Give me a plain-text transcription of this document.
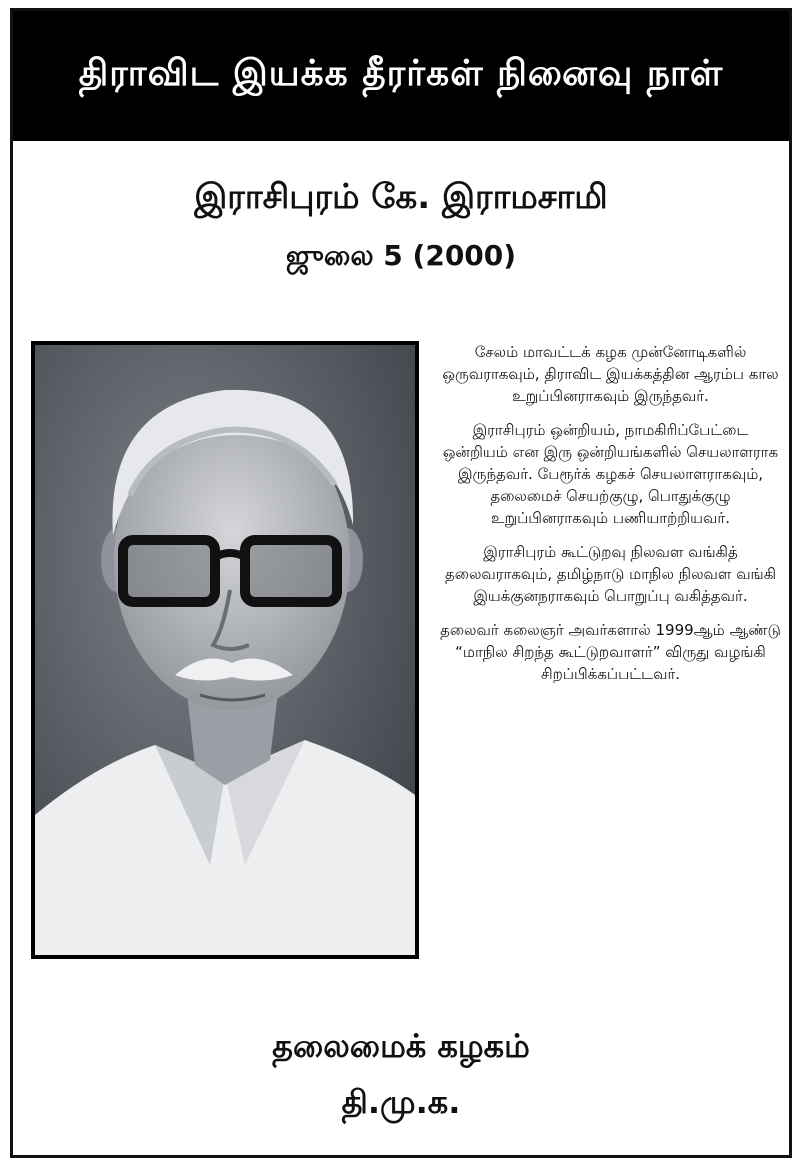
திராவிட இயக்க தீரர்கள் நினைவு நாள்
இராசிபுரம் கே. இராமசாமி
ஜுலை 5 (2000)

சேலம் மாவட்டக் கழக முன்னோடிகளில் ஒருவராகவும், திராவிட இயக்கத்தின ஆரம்ப கால உறுப்பினராகவும் இருந்தவர்.

இராசிபுரம் ஒன்றியம், நாமகிரிப்பேட்டை ஒன்றியம் என இரு ஒன்றியங்களில் செயலாளராக இருந்தவர். பேரூர்க் கழகச் செயலாளராகவும், தலைமைச் செயற்குழு, பொதுக்குழு உறுப்பினராகவும் பணியாற்றியவர்.

இராசிபுரம் கூட்டுறவு நிலவள வங்கித் தலைவராகவும், தமிழ்நாடு மாநில நிலவள வங்கி இயக்குனநராகவும் பொறுப்பு வகித்தவர்.

தலைவர் கலைஞர் அவர்களால் 1999ஆம் ஆண்டு “மாநில சிறந்த கூட்டுறவாளர்” விருது வழங்கி சிறப்பிக்கப்பட்டவர்.

தலைமைக் கழகம்
தி.மு.க.
